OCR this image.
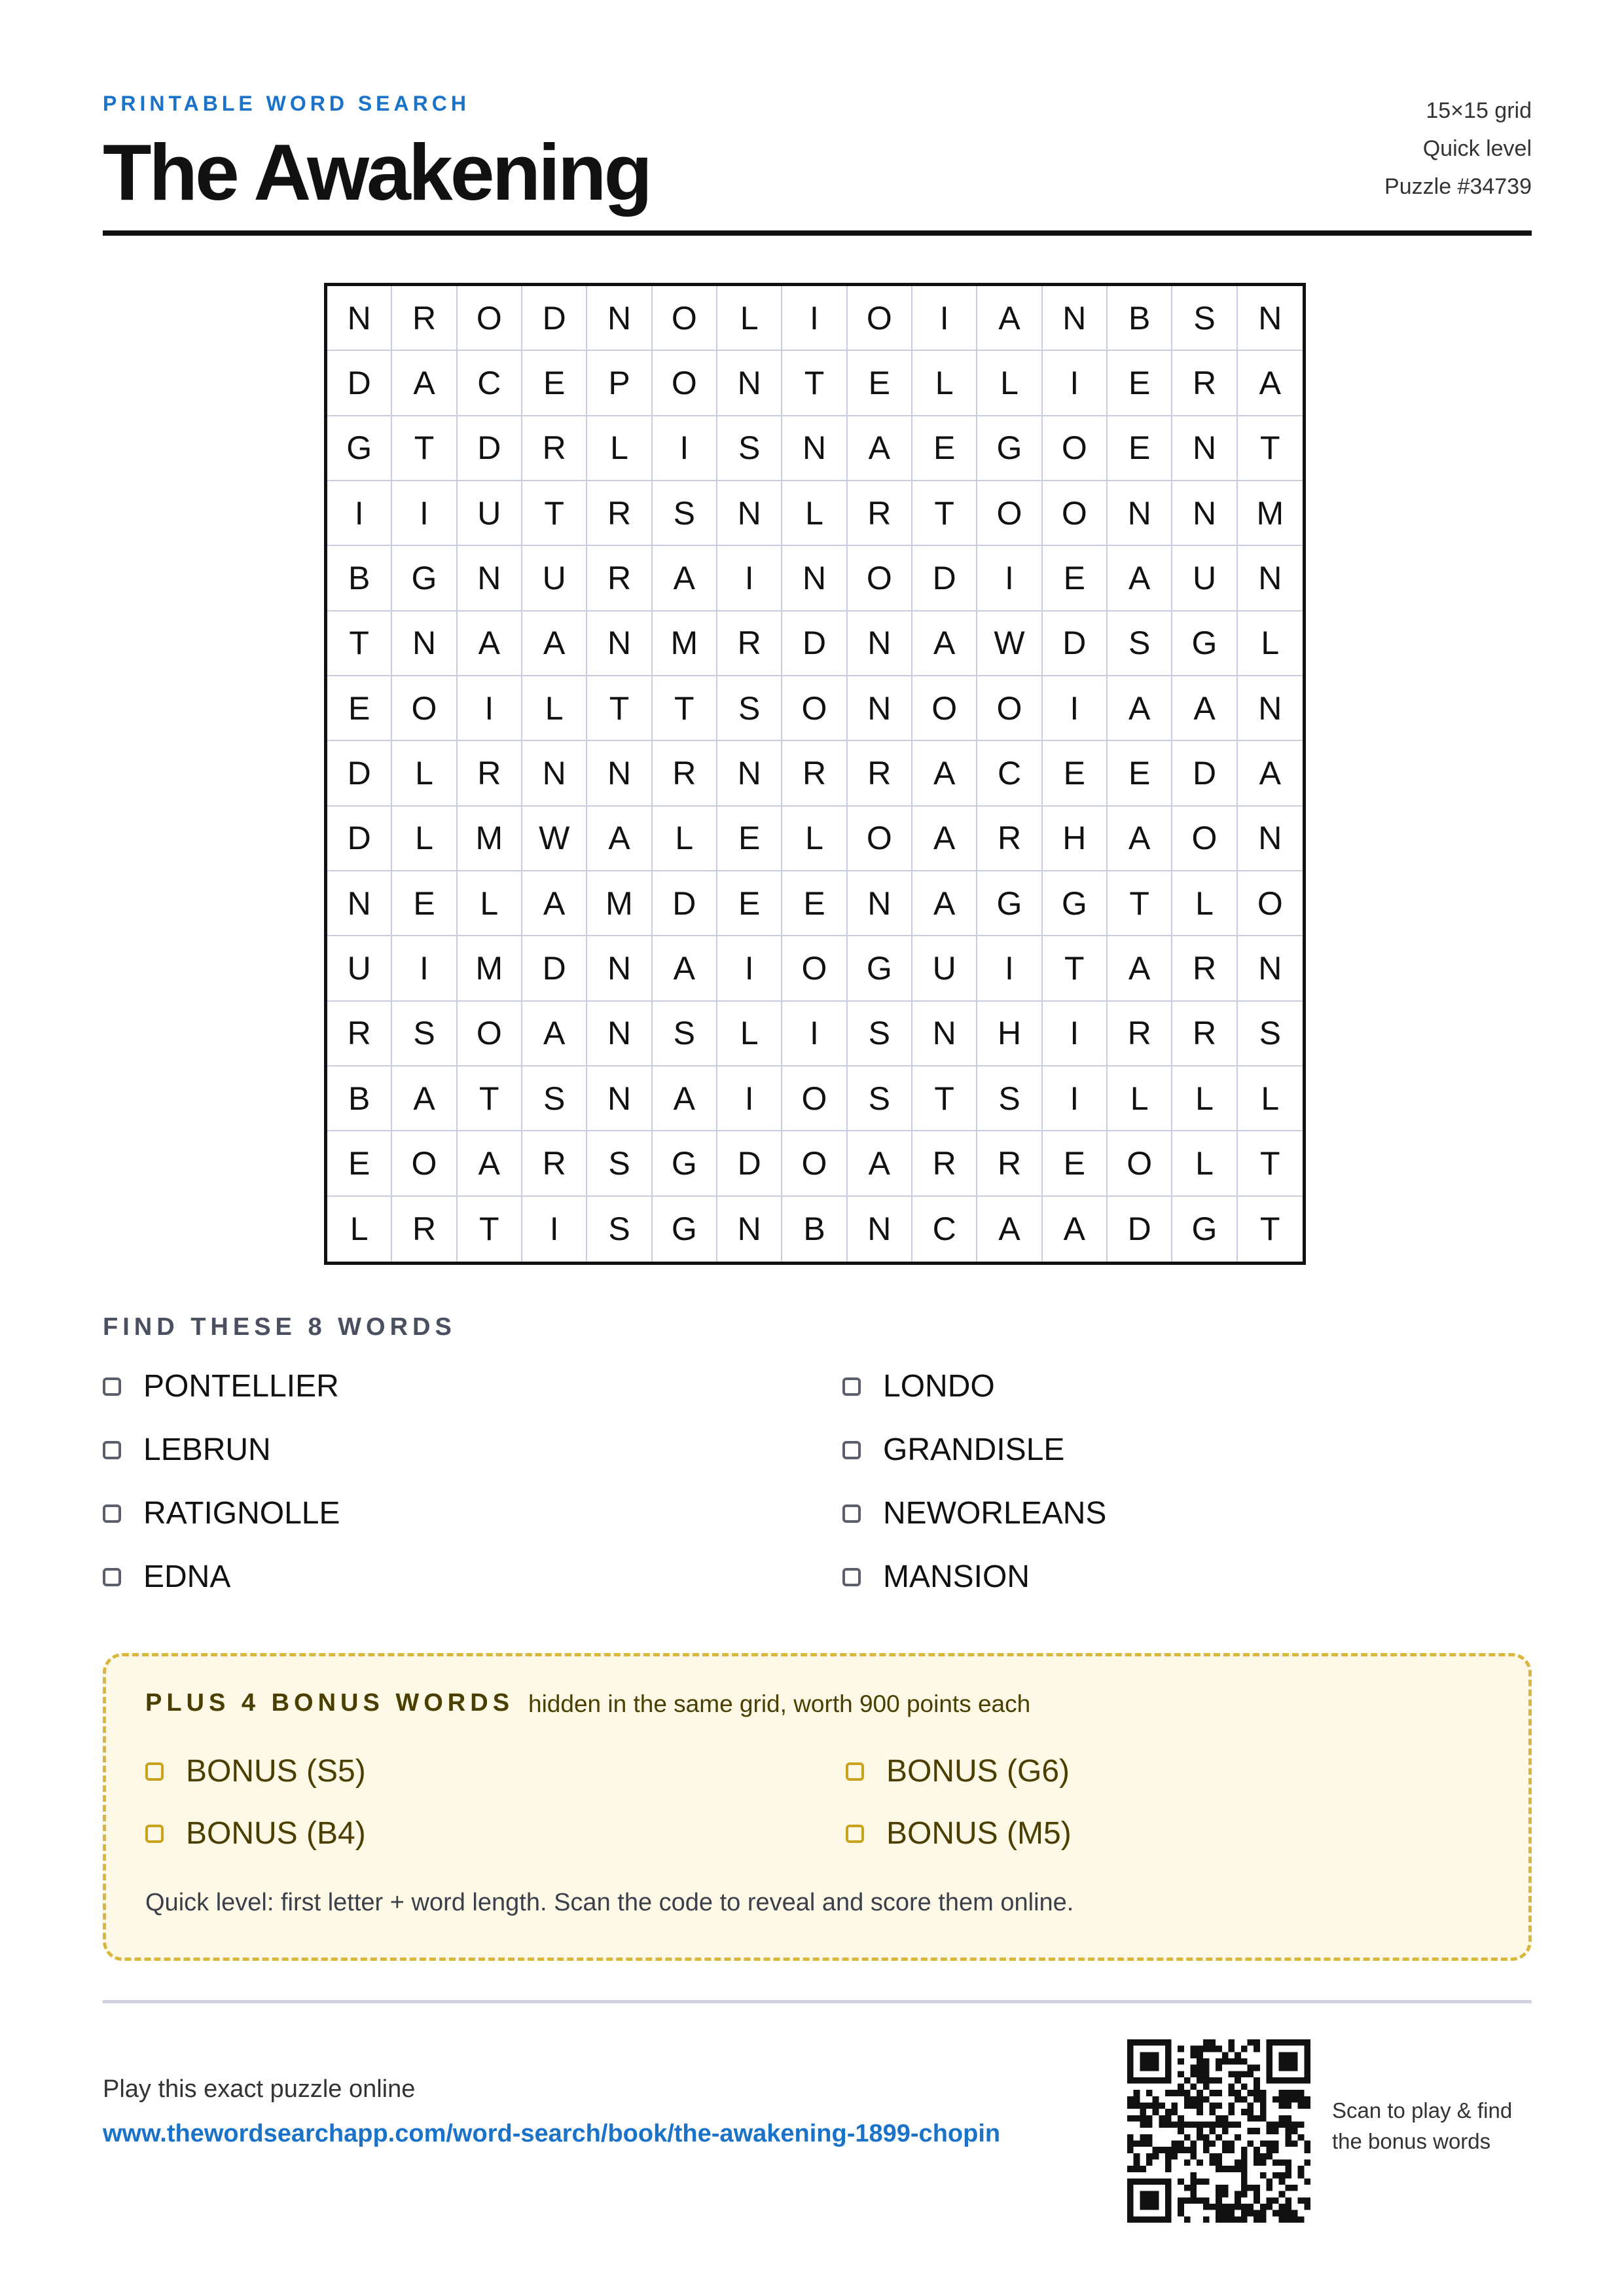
PRINTABLE WORD SEARCH
The Awakening
15×15 grid
Quick level
Puzzle #34739
N	R	O	D	N	O	L	I	O	I	A	N	B	S	N
D	A	C	E	P	O	N	T	E	L	L	I	E	R	A
G	T	D	R	L	I	S	N	A	E	G	O	E	N	T
I	I	U	T	R	S	N	L	R	T	O	O	N	N	M
B	G	N	U	R	A	I	N	O	D	I	E	A	U	N
T	N	A	A	N	M	R	D	N	A	W	D	S	G	L
E	O	I	L	T	T	S	O	N	O	O	I	A	A	N
D	L	R	N	N	R	N	R	R	A	C	E	E	D	A
D	L	M	W	A	L	E	L	O	A	R	H	A	O	N
N	E	L	A	M	D	E	E	N	A	G	G	T	L	O
U	I	M	D	N	A	I	O	G	U	I	T	A	R	N
R	S	O	A	N	S	L	I	S	N	H	I	R	R	S
B	A	T	S	N	A	I	O	S	T	S	I	L	L	L
E	O	A	R	S	G	D	O	A	R	R	E	O	L	T
L	R	T	I	S	G	N	B	N	C	A	A	D	G	T
FIND THESE 8 WORDS
PONTELLIER
LEBRUN
RATIGNOLLE
EDNA
LONDO
GRANDISLE
NEWORLEANS
MANSION
PLUS 4 BONUS WORDS hidden in the same grid, worth 900 points each
BONUS (S5)
BONUS (B4)
BONUS (G6)
BONUS (M5)
Quick level: first letter + word length. Scan the code to reveal and score them online.
Play this exact puzzle online
www.thewordsearchapp.com/word-search/book/the-awakening-1899-chopin
Scan to play & find the bonus words
